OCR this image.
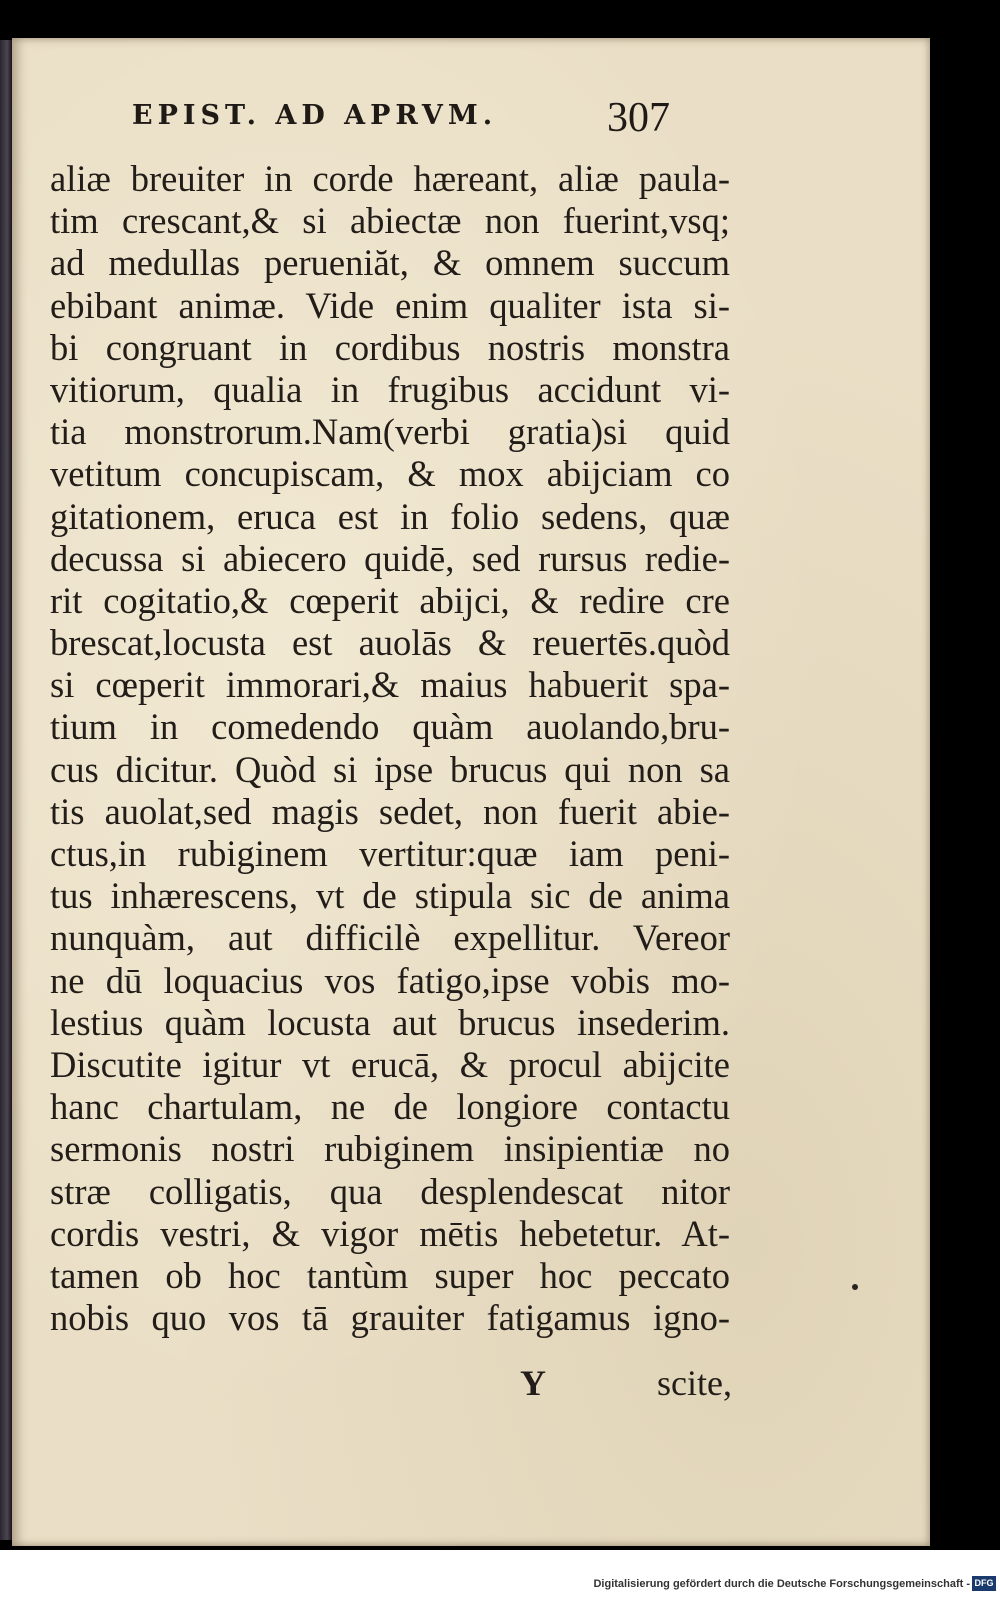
EPIST. AD APRVM.	307
aliæ breuiter in corde hæreant, aliæ paula-
tim crescant,& si abiectæ non fuerint,vsq;
ad medullas perueniăt, & omnem succum
ebibant animæ. Vide enim qualiter ista si-
bi congruant in cordibus nostris monstra
vitiorum, qualia in frugibus accidunt vi-
tia monstrorum.Nam(verbi gratia)si quid
vetitum concupiscam, & mox abijciam co
gitationem, eruca est in folio sedens, quæ
decussa si abiecero quidē, sed rursus redie-
rit cogitatio,& cœperit abijci, & redire cre
brescat,locusta est auolās & reuertēs.quòd
si cœperit immorari,& maius habuerit spa-
tium in comedendo quàm auolando,bru-
cus dicitur. Quòd si ipse brucus qui non sa
tis auolat,sed magis sedet, non fuerit abie-
ctus,in rubiginem vertitur:quæ iam peni-
tus inhærescens, vt de stipula sic de anima
nunquàm, aut difficilè expellitur. Vereor
ne dū loquacius vos fatigo,ipse vobis mo-
lestius quàm locusta aut brucus insederim.
Discutite igitur vt erucā, & procul abijcite
hanc chartulam, ne de longiore contactu
sermonis nostri rubiginem insipientiæ no
stræ colligatis, qua desplendescat nitor
cordis vestri, & vigor mētis hebetetur. At-
tamen ob hoc tantùm super hoc peccato
nobis quo vos tā grauiter fatigamus igno-
Y	scite,
Digitalisierung gefördert durch die Deutsche Forschungsgemeinschaft - DFG
